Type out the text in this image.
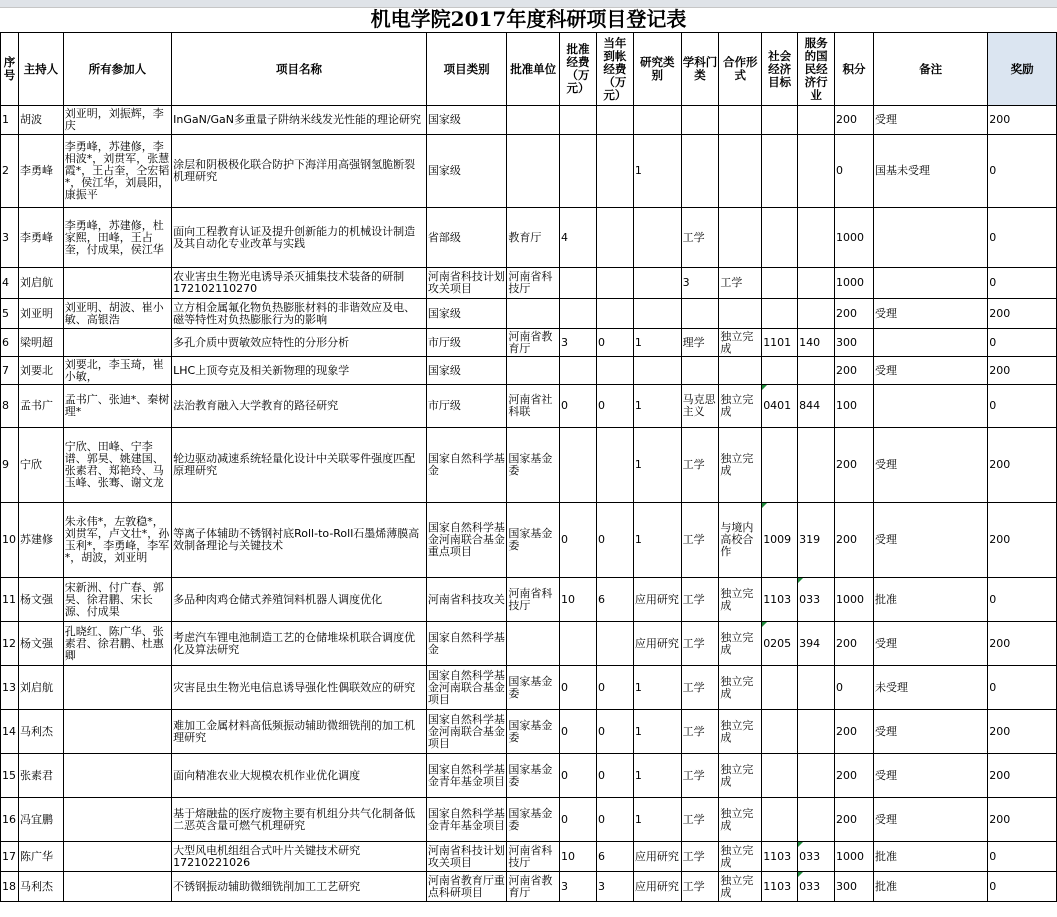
机电学院2017年度科研项目登记表
序号	主持人	所有参加人	项目名称	项目类别	批准单位	批准经费（万元）	当年到帐经费（万元）	研究类别	学科门类	合作形式	社会经济目标	服务的国民经济行业	积分	备注	奖励
1	胡波	刘亚明，刘振辉，李庆	InGaN/GaN多重量子阱纳米线发光性能的理论研究	国家级									200	受理	200
2	李勇峰	李勇峰，苏建修，李相波*，刘贯军，张慧霞*，王占奎，仝宏韬*，侯江华，刘晨阳，康振平	涂层和阴极极化联合防护下海洋用高强钢氢脆断裂机理研究	国家级				1					0	国基未受理	0
3	李勇峰	李勇峰，苏建修，杜家熙，田峰，王占奎，付成果，侯江华	面向工程教育认证及提升创新能力的机械设计制造及其自动化专业改革与实践	省部级	教育厅	4			工学				1000		0
4	刘启航		农业害虫生物光电诱导杀灭捕集技术装备的研制172102110270	河南省科技计划攻关项目	河南省科技厅				3	工学			1000		0
5	刘亚明	刘亚明、胡波、崔小敏、高银浩	立方相金属氟化物负热膨胀材料的非谐效应及电、磁等特性对负热膨胀行为的影响	国家级									200	受理	200
6	梁明超		多孔介质中贾敏效应特性的分形分析	市厅级	河南省教育厅	3	0	1	理学	独立完成	1101	140	300		0
7	刘要北	刘要北，李玉琦，崔小敏，	LHC上顶夸克及相关新物理的现象学	国家级									200	受理	200
8	孟书广	孟书广、张迪*、秦树理*	法治教育融入大学教育的路径研究	市厅级	河南省社科联	0	0	1	马克思主义	独立完成	0401	844	100		0
9	宁欣	宁欣、田峰、宁李谱、郭昊、姚建国、张素君、郑艳玲、马玉峰、张骞、谢文龙	轮边驱动减速系统轻量化设计中关联零件强度匹配原理研究	国家自然科学基金	国家基金委			1	工学	独立完成			200	受理	200
10	苏建修	朱永伟*，左敦稳*，刘贯军，卢文壮*，孙玉利*，李勇峰，李军*，胡波，刘亚明	等离子体辅助不锈钢衬底Roll-to-Roll石墨烯薄膜高效制备理论与关键技术	国家自然科学基金河南联合基金重点项目	国家基金委	0	0	1	工学	与境内高校合作	1009	319	200	受理	200
11	杨文强	宋新洲、付广春、郭昊、徐君鹏、宋长源、付成果	多品种肉鸡仓储式养殖饲料机器人调度优化	河南省科技攻关	河南省科技厅	10	6	应用研究	工学	独立完成	1103	033	1000	批准	0
12	杨文强	孔晓红、陈广华、张素君、徐君鹏、杜惠卿	考虑汽车锂电池制造工艺的仓储堆垛机联合调度优化及算法研究	国家自然科学基金				应用研究	工学	独立完成	0205	394	200	受理	200
13	刘启航		灾害昆虫生物光电信息诱导强化性偶联效应的研究	国家自然科学基金河南联合基金项目	国家基金委	0	0	1	工学	独立完成			0	未受理	0
14	马利杰		难加工金属材料高低频振动辅助微细铣削的加工机理研究	国家自然科学基金河南联合基金项目	国家基金委	0	0	1	工学	独立完成			200	受理	200
15	张素君		面向精准农业大规模农机作业优化调度	国家自然科学基金青年基金项目	国家基金委	0	0	1	工学	独立完成			200	受理	200
16	冯宜鹏		基于熔融盐的医疗废物主要有机组分共气化制备低二恶英含量可燃气机理研究	国家自然科学基金青年基金项目	国家基金委	0	0	1	工学	独立完成			200	受理	200
17	陈广华		大型风电机组组合式叶片关键技术研究17210221026	河南省科技计划攻关项目	河南省科技厅	10	6	应用研究	工学	独立完成	1103	033	1000	批准	0
18	马利杰		不锈钢振动辅助微细铣削加工工艺研究	河南省教育厅重点科研项目	河南省教育厅	3	3	应用研究	工学	独立完成	1103	033	300	批准	0
